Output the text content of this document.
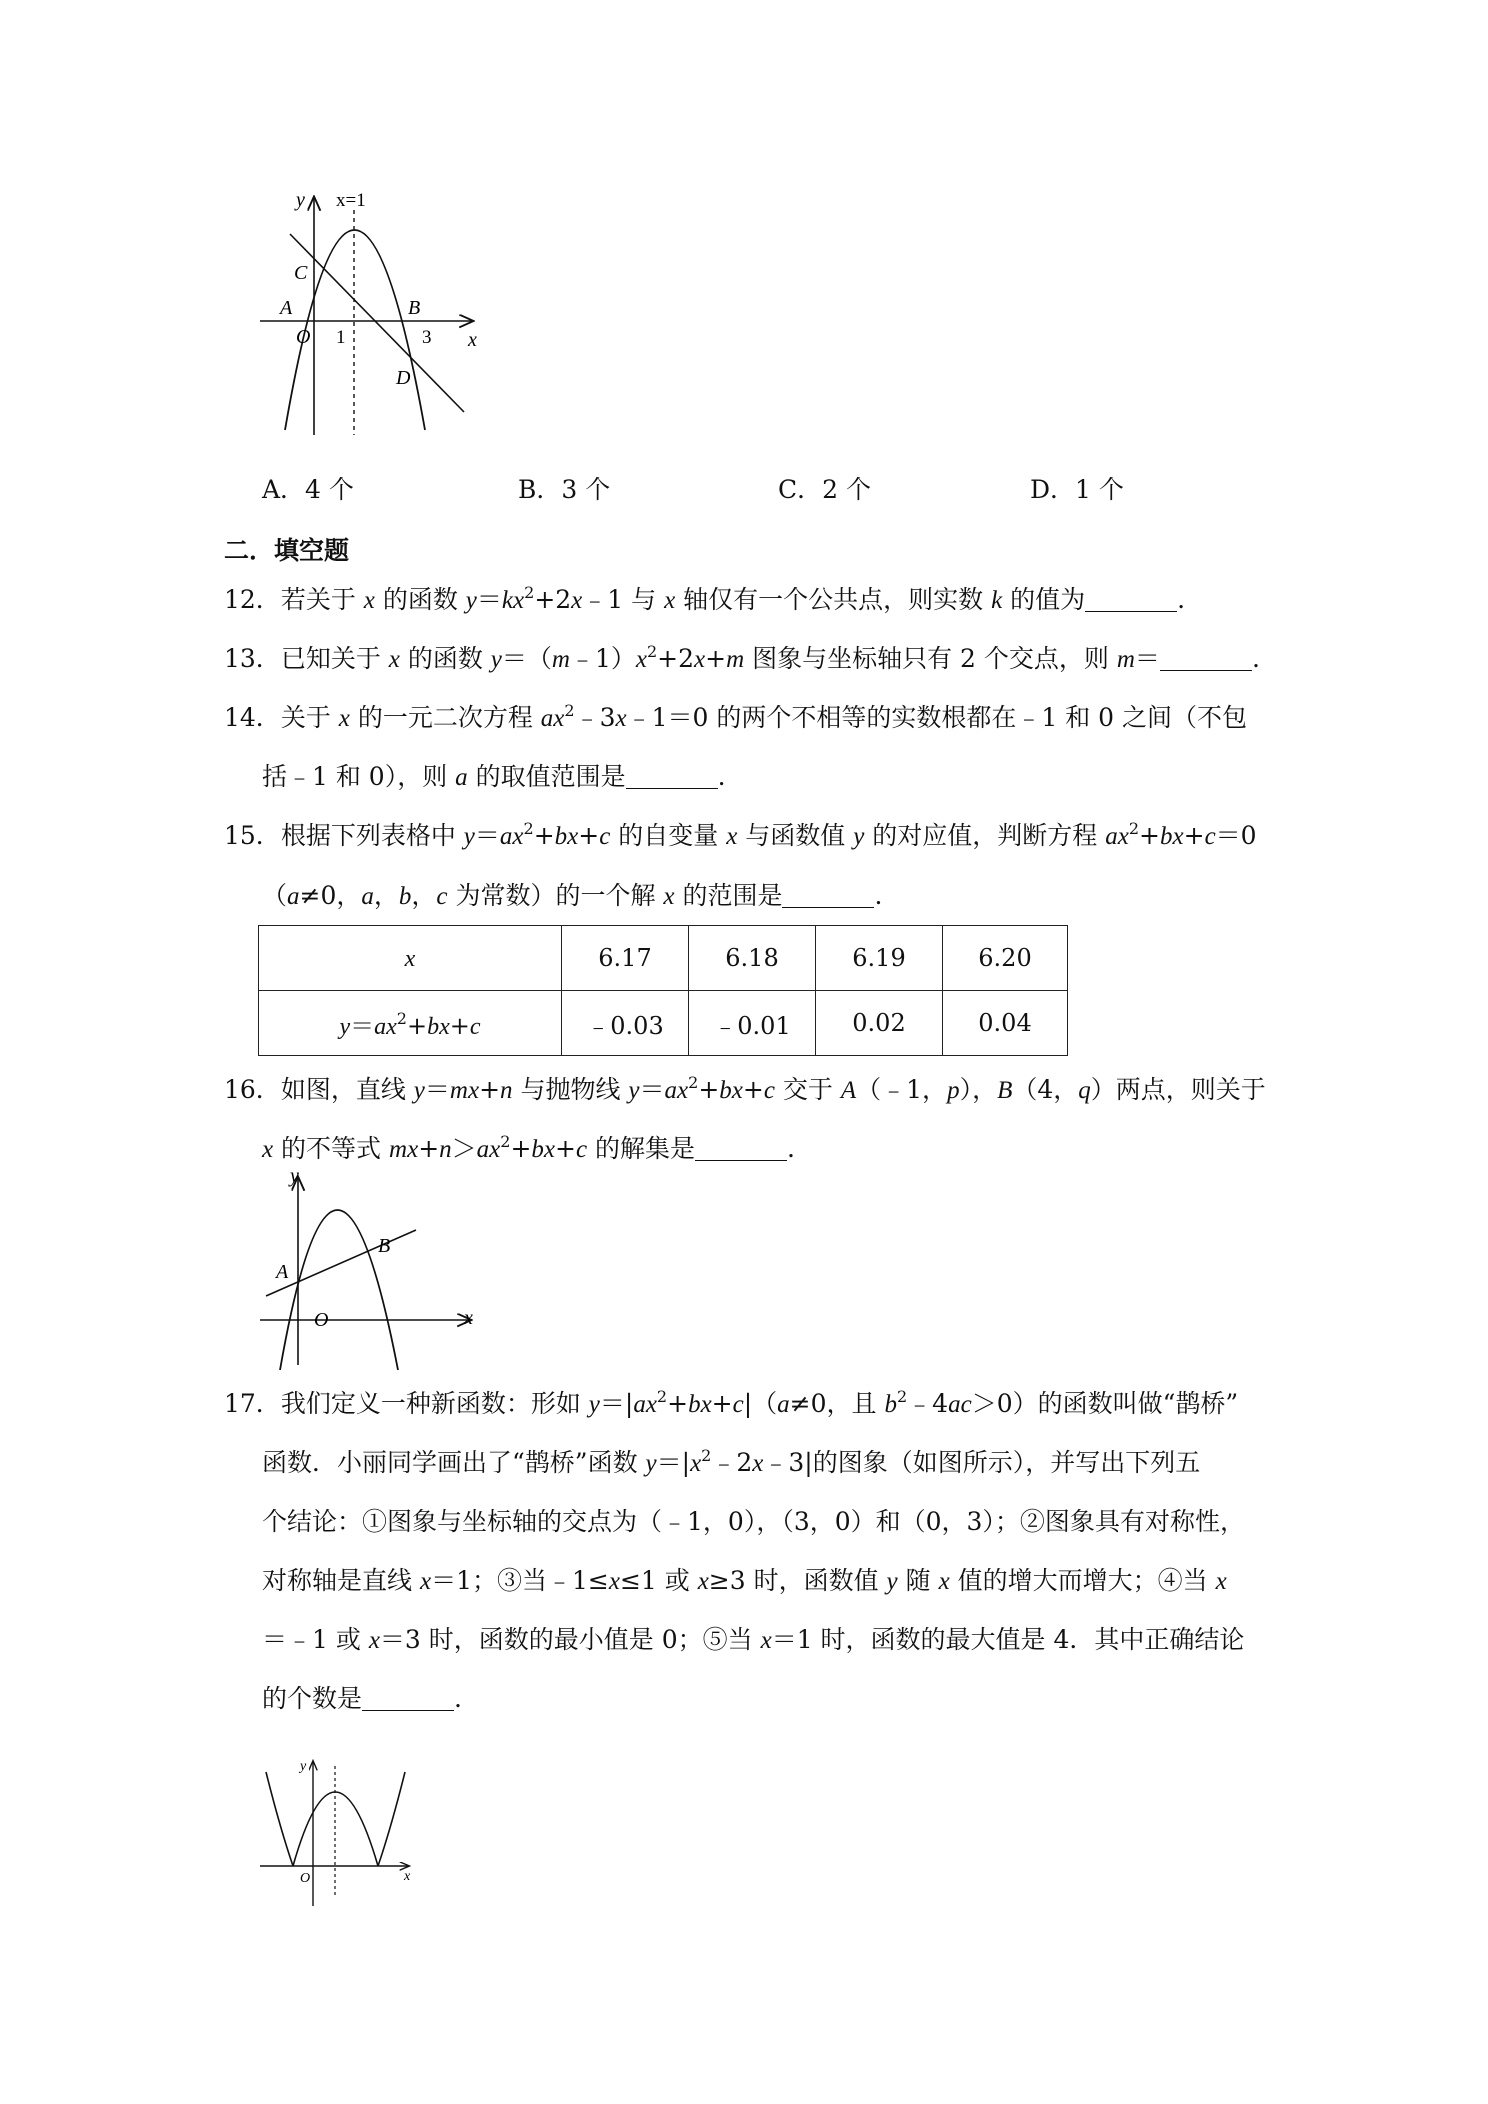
y
x
x=1
C
A
O 1
B
3
D
A．4 个	B．3 个	C．2 个	D．1 个
二．填空题
12．若关于 x 的函数 $y=kx^2+2x﹣1$ 与 x 轴仅有一个公共点，则实数 k 的值为	.
13．已知关于 x 的函数 $y=(m﹣1)x^2+2x+m$ 图象与坐标轴只有 2 个交点，则 m＝	.
14．关于 x 的一元二次方程 $ax^2﹣3x﹣1=0$ 的两个不相等的实数根都在﹣1 和 0 之间（不包
括﹣1 和 0），则 a 的取值范围是	.
15．根据下列表格中 $y=ax^2+bx+c$ 的自变量 x 与函数值 y 的对应值，判断方程 $ax^2+bx+c=0$
（a≠0，a，b，c 为常数）的一个解 x 的范围是	.
x	6.17	6.18	6.19	6.20
$y=ax^2+bx+c$	﹣0.03	﹣0.01	0.02	0.04
16．如图，直线 y＝mx+n 与抛物线 $y=ax^2+bx+c$ 交于 A（﹣1，p），B（4，q）两点，则关于
x 的不等式 $mx+n>ax^2+bx+c$ 的解集是	.
y
x
A
B
O
17．我们定义一种新函数：形如 $y=|ax^2+bx+c|(a\ne 0$，且 $b^2﹣4ac>0$）的函数叫做“鹊桥”
函数．小丽同学画出了“鹊桥”函数 $y=|x^2﹣2x﹣3|$的图象（如图所示），并写出下列五
个结论：①图象与坐标轴的交点为（﹣1，0），（3，0）和（0，3）；②图象具有对称性，
对称轴是直线 x＝1；③当﹣1≤x≤1 或 x≥3 时，函数值 y 随 x 值的增大而增大；④当 x
＝﹣1 或 x＝3 时，函数的最小值是 0；⑤当 x＝1 时，函数的最大值是 4．其中正确结论
的个数是	.
y
x
O
